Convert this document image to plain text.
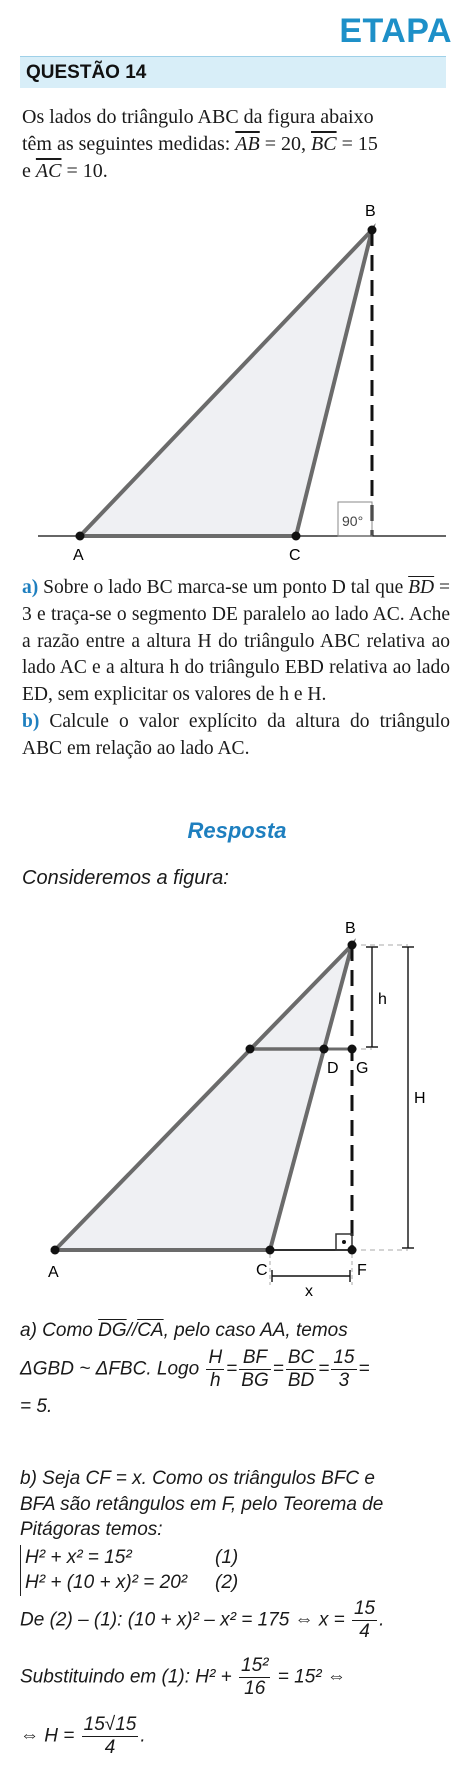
ETAPA
QUESTÃO 14
Os lados do triângulo ABC da figura abaixo
têm as seguintes medidas: $\overline{AB} = 20$, $\overline{BC} = 15$
e $\overline{AC} = 10$.
90°
B
A	C
a) Sobre o lado BC marca-se um ponto D tal que $\overline{BD} = 3$ e traça-se o segmento DE paralelo ao lado AC. Ache a razão entre a altura H do triângulo ABC relativa ao lado AC e a altura h do triângulo EBD relativa ao lado ED, sem explicitar os valores de h e H.
b) Calcule o valor explícito da altura do triângulo ABC em relação ao lado AC.
Resposta
Consideremos a figura:
B
h
D G
H
A	C	F
x
a) Como $\overline{DG}//\overline{CA}$, pelo caso AA, temos
ΔGBD ~ ΔFBC. Logo $\frac{H}{h} = \frac{BF}{BG} = \frac{BC}{BD} = \frac{15}{3}$ =
= 5.
b) Seja CF = x. Como os triângulos BFC e
BFA são retângulos em F, pelo Teorema de
Pitágoras temos:
H² + x² = 15²	(1)
H² + (10 + x)² = 20² (2)
De (2) – (1): (10 + x)² – x² = 175 ⇔ $x = \frac{15}{4}$ .
Substituindo em (1): $H^2 + \frac{\text{15²}}{16} = 15^2$ ⇔
⇔ $H = \frac{15√15}{4}$ .
